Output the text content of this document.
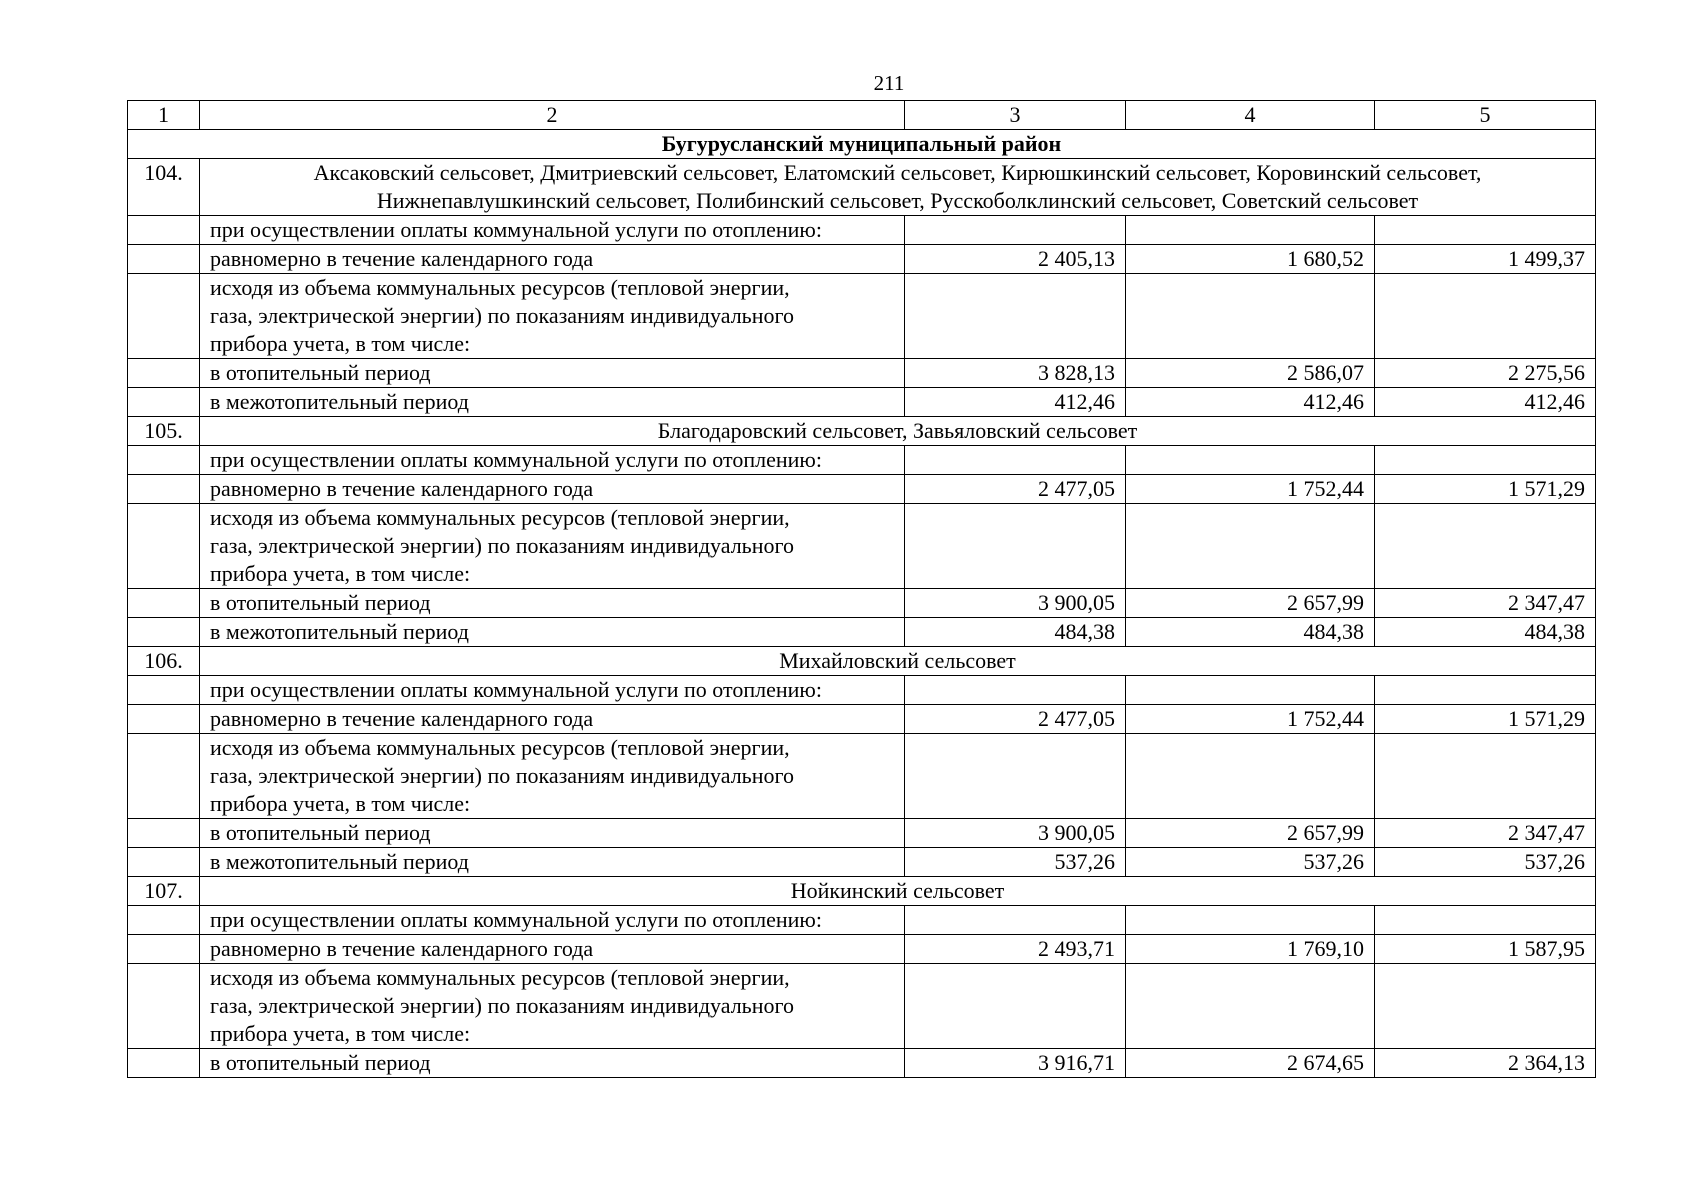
211
1	2	3	4	5
Бугурусланский муниципальный район				
104.	Аксаковский сельсовет, Дмитриевский сельсовет, Елатомский сельсовет, Кирюшкинский сельсовет, Коровинский сельсовет,
Нижнепавлушкинский сельсовет, Полибинский сельсовет, Русскоболклинский сельсовет, Советский сельсовет			

	при осуществлении оплаты коммунальной услуги по отоплению:			
	равномерно в течение календарного года	2 405,13	1 680,52	1 499,37

	исходя из объема коммунальных ресурсов (тепловой энергии,
газа, электрической энергии) по показаниям индивидуального
прибора учета, в том числе:			

	в отопительный период	3 828,13	2 586,07	2 275,56
	в межотопительный период	412,46	412,46	412,46
105.	Благодаровский сельсовет, Завьяловский сельсовет			

	при осуществлении оплаты коммунальной услуги по отоплению:			
	равномерно в течение календарного года	2 477,05	1 752,44	1 571,29

	исходя из объема коммунальных ресурсов (тепловой энергии,
газа, электрической энергии) по показаниям индивидуального
прибора учета, в том числе:			

	в отопительный период	3 900,05	2 657,99	2 347,47
	в межотопительный период	484,38	484,38	484,38
106.	Михайловский сельсовет			

	при осуществлении оплаты коммунальной услуги по отоплению:			
	равномерно в течение календарного года	2 477,05	1 752,44	1 571,29

	исходя из объема коммунальных ресурсов (тепловой энергии,
газа, электрической энергии) по показаниям индивидуального
прибора учета, в том числе:			

	в отопительный период	3 900,05	2 657,99	2 347,47
	в межотопительный период	537,26	537,26	537,26
107.	Нойкинский сельсовет			

	при осуществлении оплаты коммунальной услуги по отоплению:			
	равномерно в течение календарного года	2 493,71	1 769,10	1 587,95

	исходя из объема коммунальных ресурсов (тепловой энергии,
газа, электрической энергии) по показаниям индивидуального
прибора учета, в том числе:			

	в отопительный период	3 916,71	2 674,65	2 364,13
